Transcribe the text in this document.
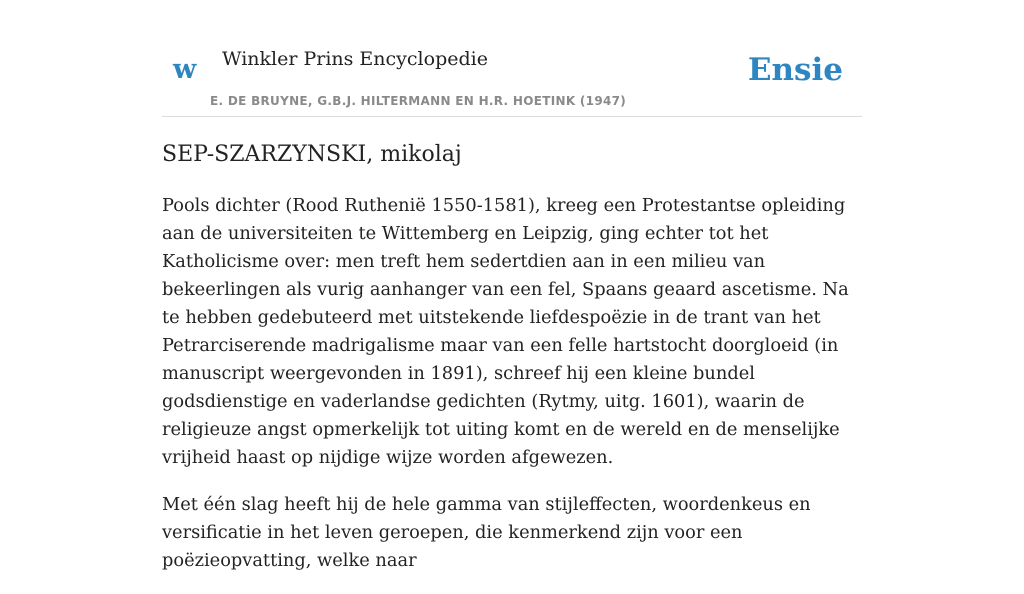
w Winkler Prins Encyclopedie
E. DE BRUYNE, G.B.J. HILTERMANN EN H.R. HOETINK (1947)
Ensie
SEP-SZARZYNSKI, mikolaj

Pools dichter (Rood Ruthenië 1550-1581), kreeg een Protestantse opleiding aan de universiteiten te Wittemberg en Leipzig, ging echter tot het Katholicisme over: men treft hem sedertdien aan in een milieu van bekeerlingen als vurig aanhanger van een fel, Spaans geaard ascetisme. Na te hebben gedebuteerd met uitstekende liefdespoëzie in de trant van het Petrarciserende madrigalisme maar van een felle hartstocht doorgloeid (in manuscript weergevonden in 1891), schreef hij een kleine bundel godsdienstige en vaderlandse gedichten (Rytmy, uitg. 1601), waarin de religieuze angst opmerkelijk tot uiting komt en de wereld en de menselijke vrijheid haast op nijdige wijze worden afgewezen.

Met één slag heeft hij de hele gamma van stijleffecten, woordenkeus en versificatie in het leven geroepen, die kenmerkend zijn voor een poëzieopvatting, welke naar
